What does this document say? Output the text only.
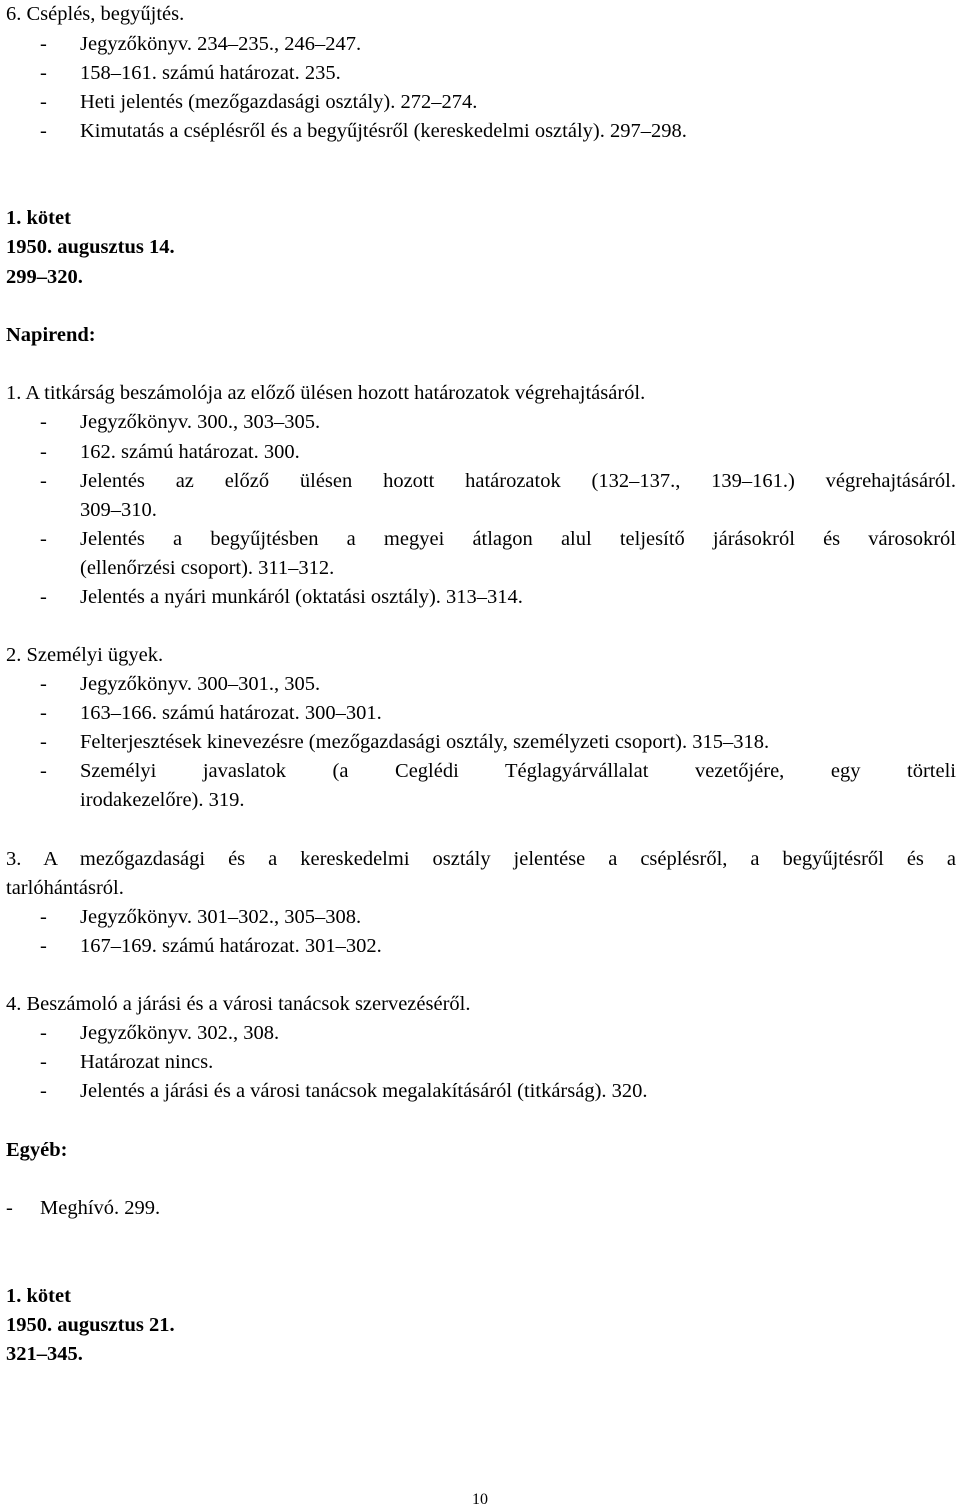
6. Cséplés, begyűjtés.
- Jegyzőkönyv. 234‒235., 246‒247.
- 158‒161. számú határozat. 235.
- Heti jelentés (mezőgazdasági osztály). 272‒274.
- Kimutatás a cséplésről és a begyűjtésről (kereskedelmi osztály). 297‒298.
1. kötet
1950. augusztus 14.
299‒320.
Napirend:
1. A titkárság beszámolója az előző ülésen hozott határozatok végrehajtásáról.
- Jegyzőkönyv. 300., 303‒305.
- 162. számú határozat. 300.
- Jelentés az előző ülésen hozott határozatok (132‒137., 139‒161.) végrehajtásáról.
309‒310.
- Jelentés a begyűjtésben a megyei átlagon alul teljesítő járásokról és városokról
(ellenőrzési csoport). 311‒312.
- Jelentés a nyári munkáról (oktatási osztály). 313‒314.
2. Személyi ügyek.
- Jegyzőkönyv. 300‒301., 305.
- 163‒166. számú határozat. 300‒301.
- Felterjesztések kinevezésre (mezőgazdasági osztály, személyzeti csoport). 315‒318.
- Személyi javaslatok (a Ceglédi Téglagyárvállalat vezetőjére, egy törteli
irodakezelőre). 319.
3. A mezőgazdasági és a kereskedelmi osztály jelentése a cséplésről, a begyűjtésről és a
tarlóhántásról.
- Jegyzőkönyv. 301‒302., 305‒308.
- 167‒169. számú határozat. 301‒302.
4. Beszámoló a járási és a városi tanácsok szervezéséről.
- Jegyzőkönyv. 302., 308.
- Határozat nincs.
- Jelentés a járási és a városi tanácsok megalakításáról (titkárság). 320.
Egyéb:
- Meghívó. 299.
1. kötet
1950. augusztus 21.
321‒345.
10
